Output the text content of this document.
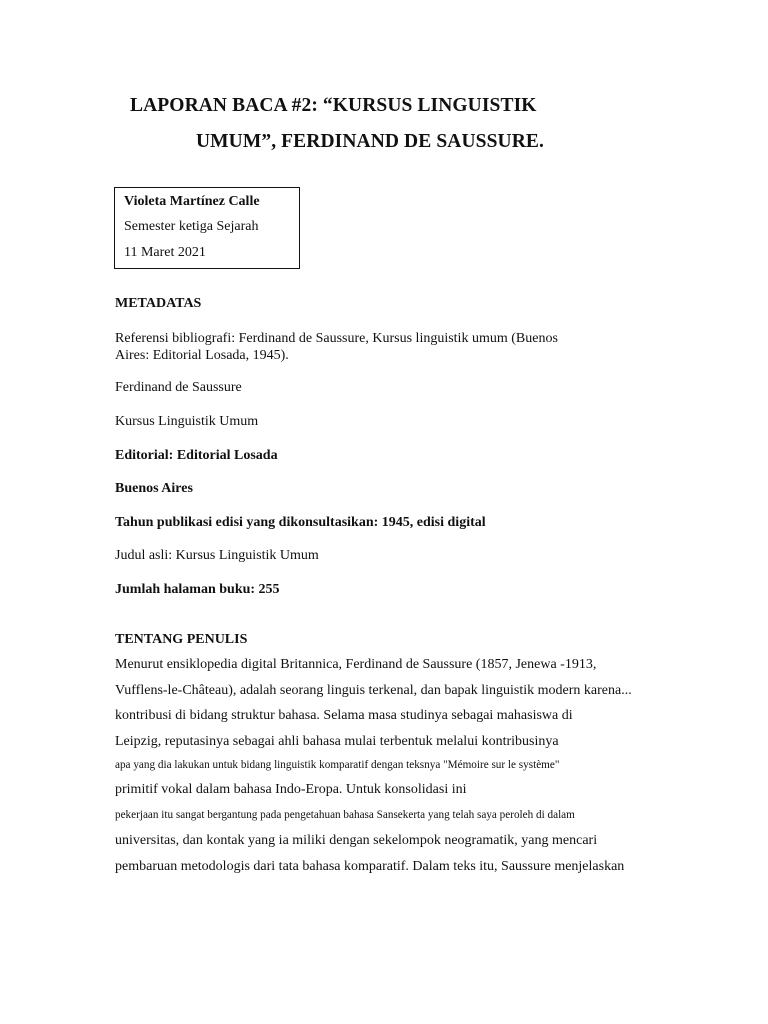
LAPORAN BACA #2: “KURSUS LINGUISTIK
UMUM”, FERDINAND DE SAUSSURE.
Violeta Martínez Calle
Semester ketiga Sejarah
11 Maret 2021
METADATAS
Referensi bibliografi: Ferdinand de Saussure, Kursus linguistik umum (Buenos
Aires: Editorial Losada, 1945).
Ferdinand de Saussure
Kursus Linguistik Umum
Editorial: Editorial Losada
Buenos Aires
Tahun publikasi edisi yang dikonsultasikan: 1945, edisi digital
Judul asli: Kursus Linguistik Umum
Jumlah halaman buku: 255
TENTANG PENULIS
Menurut ensiklopedia digital Britannica, Ferdinand de Saussure (1857, Jenewa -1913,
Vufflens-le-Château), adalah seorang linguis terkenal, dan bapak linguistik modern karena...
kontribusi di bidang struktur bahasa. Selama masa studinya sebagai mahasiswa di
Leipzig, reputasinya sebagai ahli bahasa mulai terbentuk melalui kontribusinya
apa yang dia lakukan untuk bidang linguistik komparatif dengan teksnya "Mémoire sur le système"
primitif vokal dalam bahasa Indo-Eropa. Untuk konsolidasi ini
pekerjaan itu sangat bergantung pada pengetahuan bahasa Sansekerta yang telah saya peroleh di dalam
universitas, dan kontak yang ia miliki dengan sekelompok neogramatik, yang mencari
pembaruan metodologis dari tata bahasa komparatif. Dalam teks itu, Saussure menjelaskan
